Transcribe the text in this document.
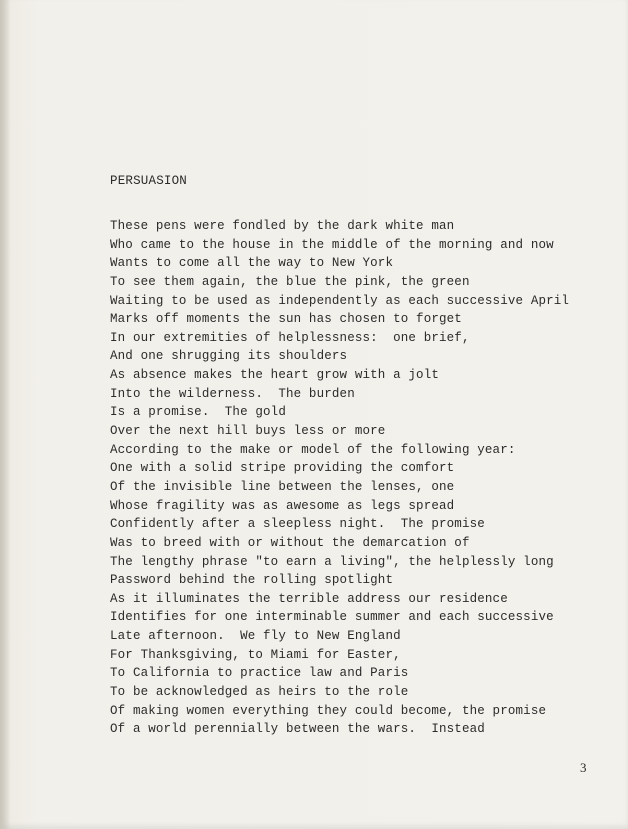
PERSUASION
These pens were fondled by the dark white man
Who came to the house in the middle of the morning and now
Wants to come all the way to New York
To see them again, the blue the pink, the green
Waiting to be used as independently as each successive April
Marks off moments the sun has chosen to forget
In our extremities of helplessness:  one brief,
And one shrugging its shoulders
As absence makes the heart grow with a jolt
Into the wilderness.  The burden
Is a promise.  The gold
Over the next hill buys less or more
According to the make or model of the following year:
One with a solid stripe providing the comfort
Of the invisible line between the lenses, one
Whose fragility was as awesome as legs spread
Confidently after a sleepless night.  The promise
Was to breed with or without the demarcation of
The lengthy phrase "to earn a living", the helplessly long
Password behind the rolling spotlight
As it illuminates the terrible address our residence
Identifies for one interminable summer and each successive
Late afternoon.  We fly to New England
For Thanksgiving, to Miami for Easter,
To California to practice law and Paris
To be acknowledged as heirs to the role
Of making women everything they could become, the promise
Of a world perennially between the wars.  Instead
3
